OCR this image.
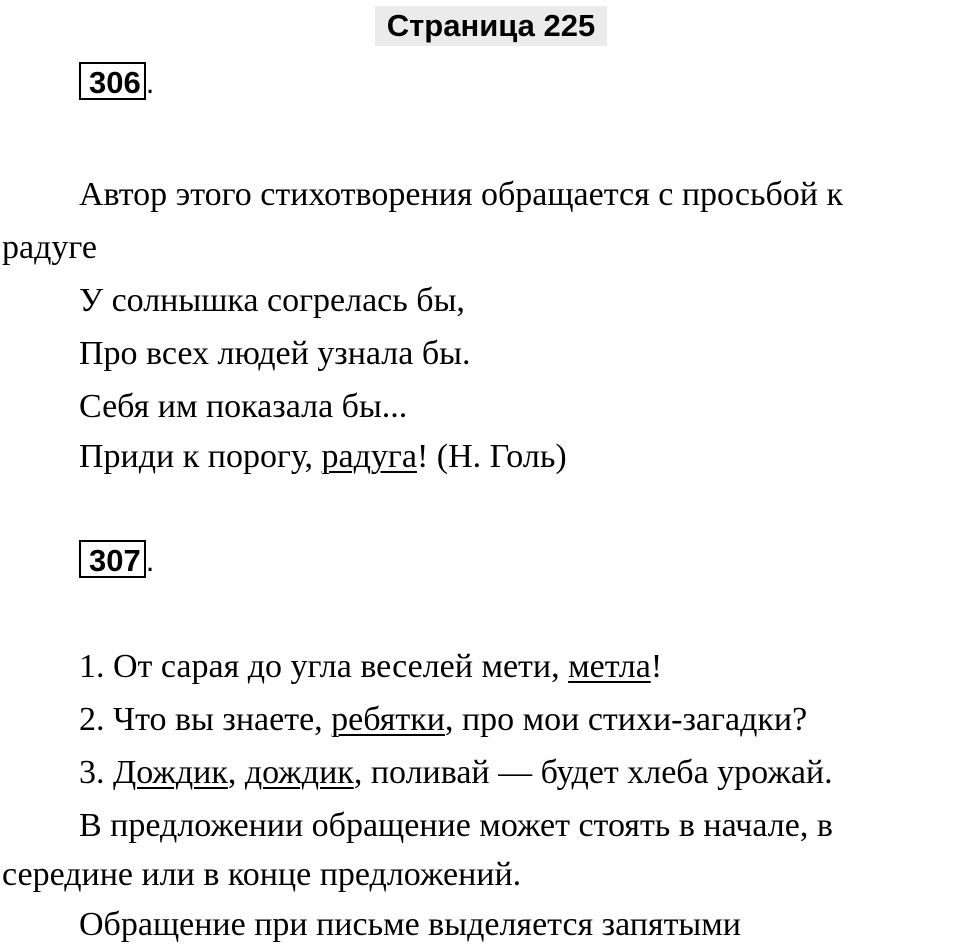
Страница 225
306 .
Автор этого стихотворения обращается с просьбой к
радуге
У солнышка согрелась бы,
Про всех людей узнала бы.
Себя им показала бы...
Приди к порогу, радуга! (Н. Голь)
307 .
1. От сарая до угла веселей мети, метла!
2. Что вы знаете, ребятки, про мои стихи-загадки?
3. Дождик, дождик, поливай — будет хлеба урожай.
В предложении обращение может стоять в начале, в
середине или в конце предложений.
Обращение при письме выделяется запятыми
